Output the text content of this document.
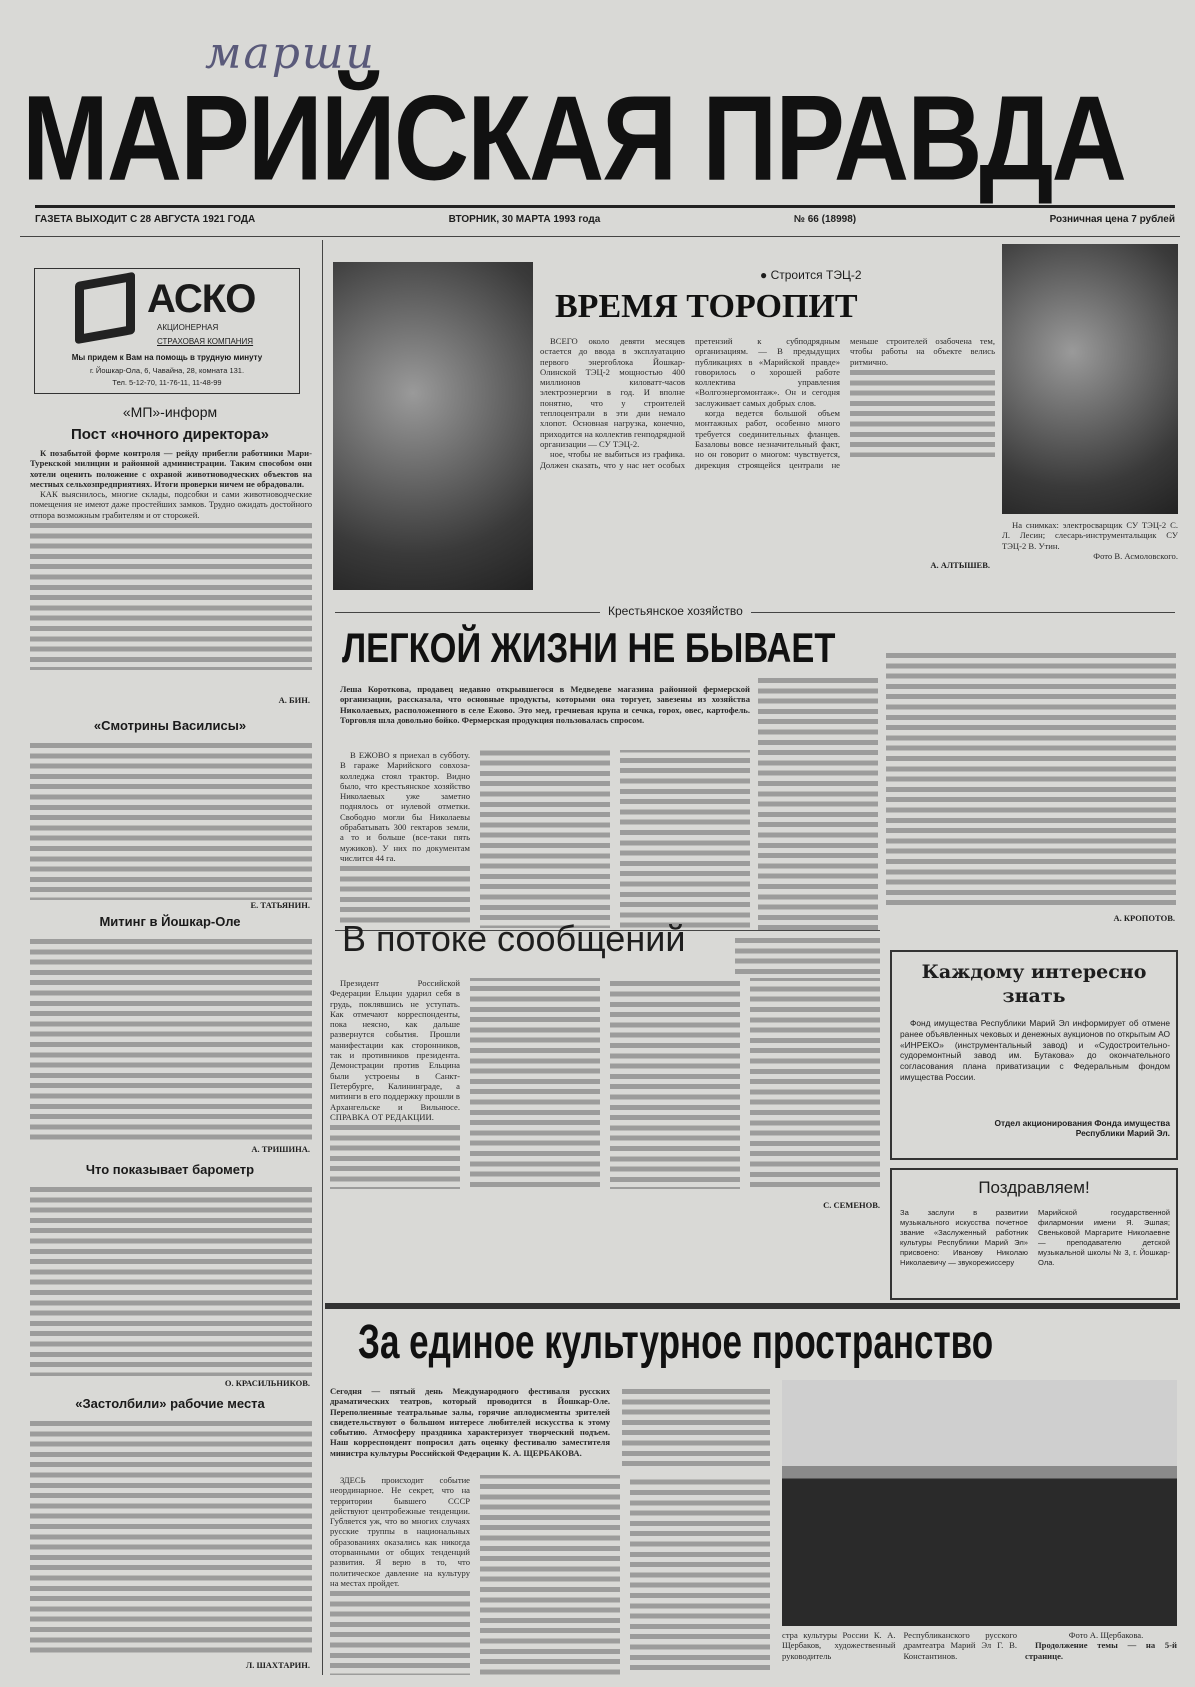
марши
МАРИЙСКАЯ ПРАВДА
ГАЗЕТА ВЫХОДИТ С 28 АВГУСТА 1921 ГОДА	ВТОРНИК, 30 МАРТА 1993 года	№ 66 (18998)	Розничная цена 7 рублей
АСКО
АКЦИОНЕРНАЯ
СТРАХОВАЯ КОМПАНИЯ
Мы придем к Вам на помощь в трудную минуту
г. Йошкар-Ола, 6, Чавайна, 28, комната 131.
Тел. 5-12-70, 11-76-11, 11-48-99
«МП»-информ
Пост «ночного директора»

К позабытой форме контроля — рейду прибегли работники Мари-Турекской милиции и районной администрации. Таким способом они хотели оценить положение с охраной животноводческих объектов на местных сельхозпредприятиях. Итоги проверки ничем не обрадовали.

КАК выяснилось, многие склады, подсобки и сами животноводческие помещения не имеют даже простейших замков. Трудно ожидать достойного отпора возможным грабителям и от сторожей.

А. БИН.
«Смотрины Василисы»
Е. ТАТЬЯНИН.
Митинг в Йошкар-Оле
А. ТРИШИНА.
Что показывает барометр
О. КРАСИЛЬНИКОВ.
«Застолбили» рабочие места
Л. ШАХТАРИН.
● Строится ТЭЦ-2
ВРЕМЯ ТОРОПИТ

ВСЕГО около девяти месяцев остается до ввода в эксплуатацию первого энергоблока Йошкар-Олинской ТЭЦ-2 мощностью 400 миллионов киловатт-часов электроэнергии в год. И вполне понятно, что у строителей теплоцентрали в эти дни немало хлопот. Основная нагрузка, конечно, приходится на коллектив генподрядной организации — СУ ТЭЦ-2.

ное, чтобы не выбиться из графика. Должен сказать, что у нас нет особых претензий к субподрядным организациям. — В предыдущих публикациях в «Марийской правде» говорилось о хорошей работе коллектива управления «Волгоэнергомонтаж». Он и сегодня заслуживает самых добрых слов.

когда ведется большой объем монтажных работ, особенно много требуется соединительных фланцев. Базаловы вовсе незначительный факт, но он говорит о многом: чувствуется, дирекция строящейся централи не меньше строителей озабочена тем, чтобы работы на объекте велись ритмично.

А. АЛТЫШЕВ.

На снимках: электросварщик СУ ТЭЦ-2 С. Л. Лесин; слесарь-инструментальщик СУ ТЭЦ-2 В. Утин.

Фото В. Асмоловского.

Крестьянское хозяйство
ЛЕГКОЙ ЖИЗНИ НЕ БЫВАЕТ
Леша Короткова, продавец недавно открывшегося в Медведеве магазина районной фермерской организации, рассказала, что основные продукты, которыми она торгует, завезены из хозяйства Николаевых, расположенного в селе Ежово. Это мед, гречневая крупа и сечка, горох, овес, картофель. Торговля шла довольно бойко. Фермерская продукция пользовалась спросом.

В ЕЖОВО я приехал в субботу. В гараже Марийского совхоза-колледжа стоял трактор. Видно было, что крестьянское хозяйство Николаевых уже заметно поднялось от нулевой отметки. Свободно могли бы Николаевы обрабатывать 300 гектаров земли, а то и больше (все-таки пять мужиков). У них по документам числится 44 га.

А. КРОПОТОВ.
В потоке сообщений

Президент Российской Федерации Ельцин ударил себя в грудь, поклявшись не уступать. Как отмечают корреспонденты, пока неясно, как дальше развернутся события. Прошли манифестации как сторонников, так и противников президента. Демонстрации против Ельцина были устроены в Санкт-Петербурге, Калининграде, а митинги в его поддержку прошли в Архангельске и Вильнюсе. СПРАВКА ОТ РЕДАКЦИИ.

С. СЕМЕНОВ.
Каждому интересно знать
Фонд имущества Республики Марий Эл информирует об отмене ранее объявленных чековых и денежных аукционов по открытым АО «ИНРЕКО» (инструментальный завод) и «Судостроительно-судоремонтный завод им. Бутакова» до окончательного согласования плана приватизации с Федеральным фондом имущества России.
Отдел акционирования Фонда имущества Республики Марий Эл.
Поздравляем!
За заслуги в развитии музыкального искусства почетное звание «Заслуженный работник культуры Республики Марий Эл» присвоено: Иванову Николаю Николаевичу — звукорежиссеру
Марийской государственной филармонии имени Я. Эшпая; Свеньковой Маргарите Николаевне — преподавателю детской музыкальной школы № 3, г. Йошкар-Ола.
За единое культурное пространство
Сегодня — пятый день Международного фестиваля русских драматических театров, который проводится в Йошкар-Оле. Переполненные театральные залы, горячие аплодисменты зрителей свидетельствуют о большом интересе любителей искусства к этому событию. Атмосферу праздника характеризует творческий подъем. Наш корреспондент попросил дать оценку фестивалю заместителя министра культуры Российской Федерации К. А. ЩЕРБАКОВА.

ЗДЕСЬ происходит событие неординарное. Не секрет, что на территории бывшего СССР действуют центробежные тенденции. Губляется уж, что во многих случаях русские труппы в национальных образованиях оказались как никогда оторванными от общих тенденций развития. Я верю в то, что политическое давление на культуру на местах пройдет.

стра культуры России К. А. Щербаков, художественный руководитель Республиканского русского драмтеатра Марий Эл Г. В. Константинов.

Фото А. Щербакова.

Продолжение темы — на 5-й странице.
